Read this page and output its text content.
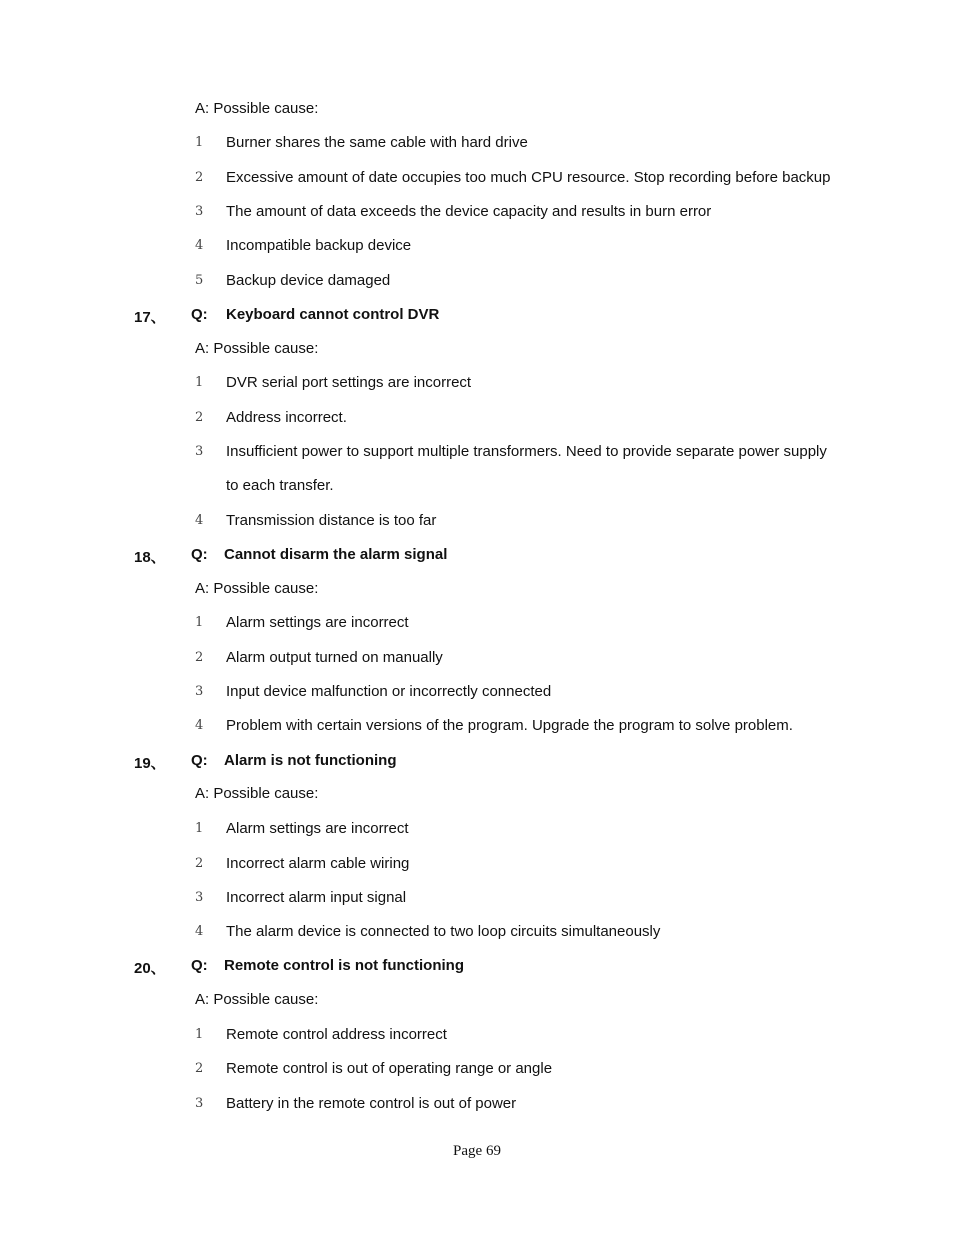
A: Possible cause:
1 Burner shares the same cable with hard drive
2 Excessive amount of date occupies too much CPU resource. Stop recording before backup
3 The amount of data exceeds the device capacity and results in burn error
4 Incompatible backup device
5 Backup device damaged
17、 Q: Keyboard cannot control DVR
A: Possible cause:
1 DVR serial port settings are incorrect
2 Address incorrect.
3 Insufficient power to support multiple transformers. Need to provide separate power supply
to each transfer.
4 Transmission distance is too far
18、 Q: Cannot disarm the alarm signal
A: Possible cause:
1 Alarm settings are incorrect
2 Alarm output turned on manually
3 Input device malfunction or incorrectly connected
4 Problem with certain versions of the program. Upgrade the program to solve problem.
19、 Q: Alarm is not functioning
A: Possible cause:
1 Alarm settings are incorrect
2 Incorrect alarm cable wiring
3 Incorrect alarm input signal
4 The alarm device is connected to two loop circuits simultaneously
20、 Q: Remote control is not functioning
A: Possible cause:
1 Remote control address incorrect
2 Remote control is out of operating range or angle
3 Battery in the remote control is out of power
Page 69
